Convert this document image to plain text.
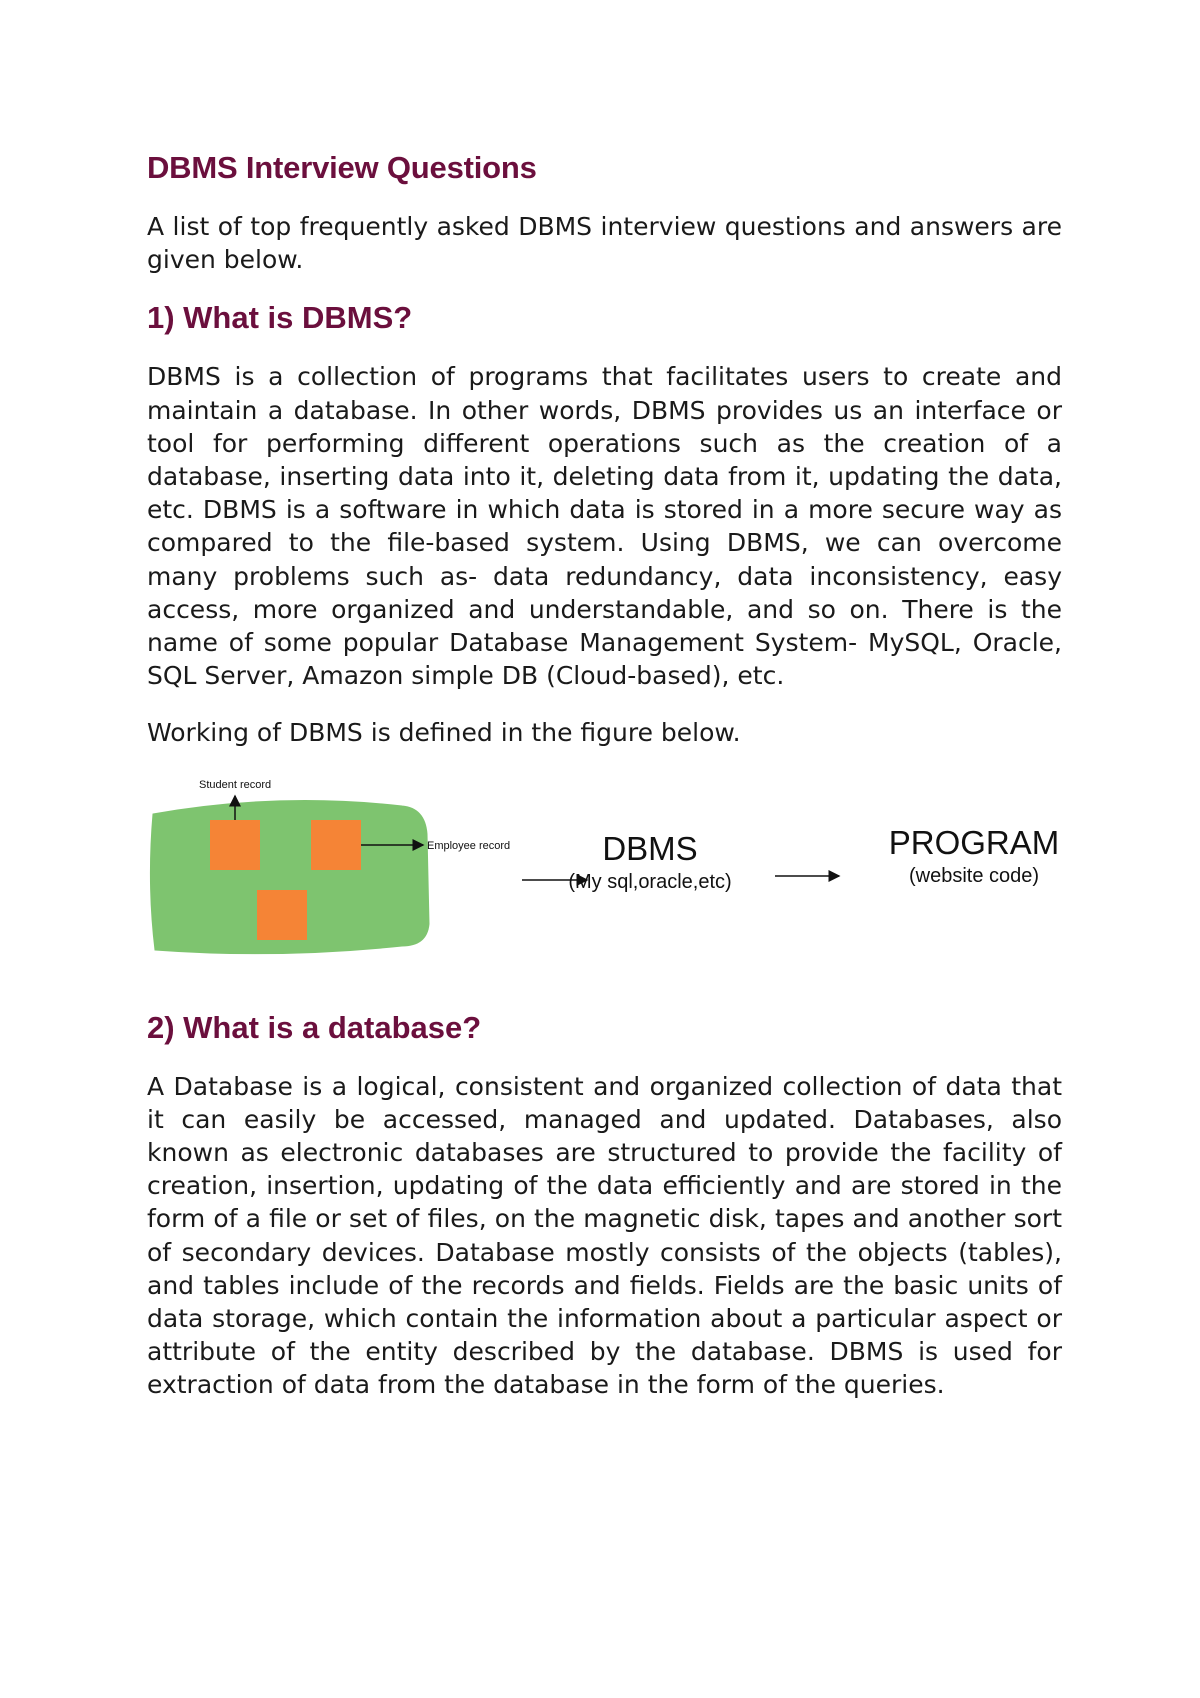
DBMS Interview Questions

A list of top frequently asked DBMS interview questions and answers are given below.

1) What is DBMS?

DBMS is a collection of programs that facilitates users to create and maintain a database. In other words, DBMS provides us an interface or tool for performing different operations such as the creation of a database, inserting data into it, deleting data from it, updating the data, etc. DBMS is a software in which data is stored in a more secure way as compared to the file-based system. Using DBMS, we can overcome many problems such as- data redundancy, data inconsistency, easy access, more organized and understandable, and so on. There is the name of some popular Database Management System- MySQL, Oracle, SQL Server, Amazon simple DB (Cloud-based), etc.

Working of DBMS is defined in the figure below.

Student record
Employee record	DBMS
(My sql,oracle,etc)
PROGRAM
(website code)
2) What is a database?

A Database is a logical, consistent and organized collection of data that it can easily be accessed, managed and updated. Databases, also known as electronic databases are structured to provide the facility of creation, insertion, updating of the data efficiently and are stored in the form of a file or set of files, on the magnetic disk, tapes and another sort of secondary devices. Database mostly consists of the objects (tables), and tables include of the records and fields. Fields are the basic units of data storage, which contain the information about a particular aspect or attribute of the entity described by the database. DBMS is used for extraction of data from the database in the form of the queries.
